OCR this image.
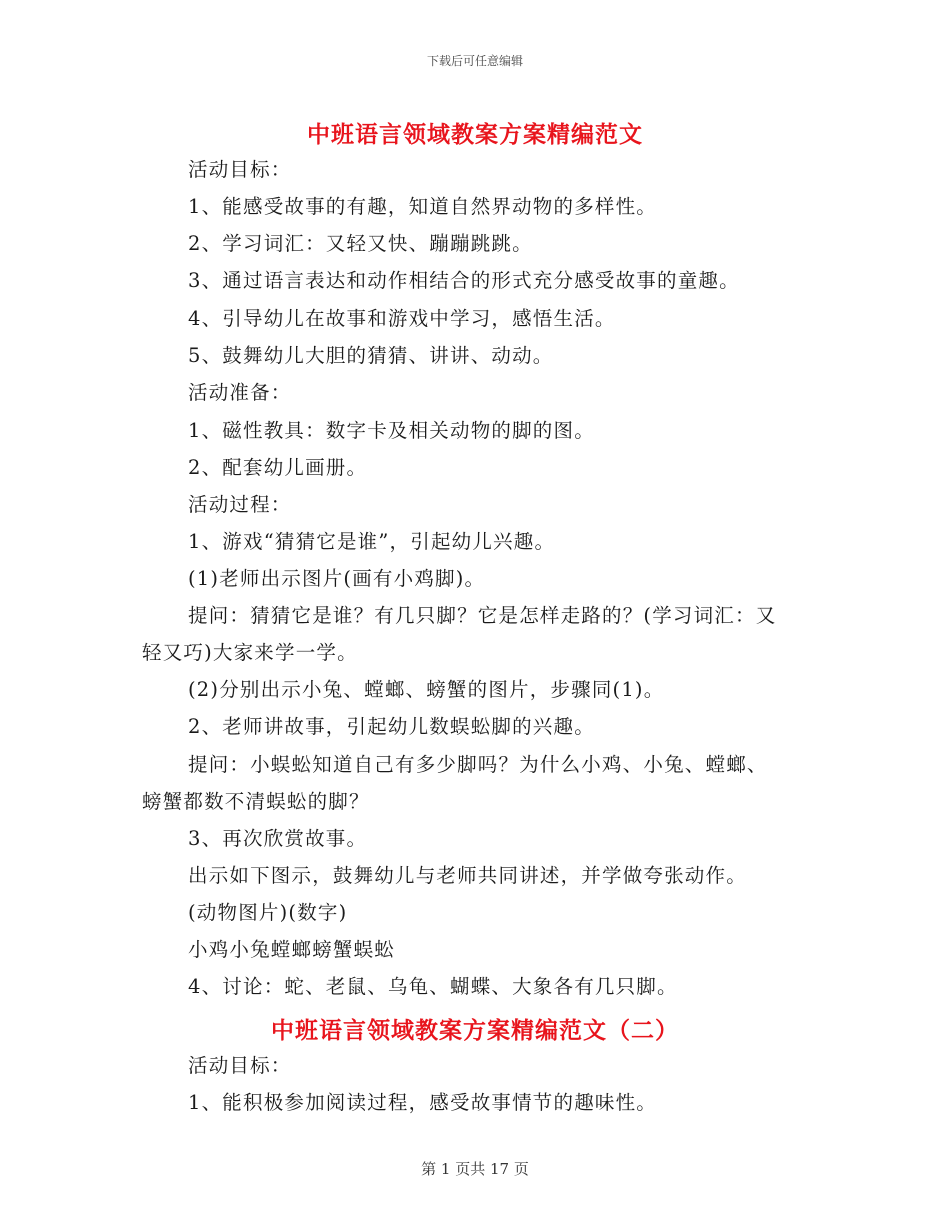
下载后可任意编辑
中班语言领域教案方案精编范文
活动目标：
1、能感受故事的有趣，知道自然界动物的多样性。
2、学习词汇：又轻又快、蹦蹦跳跳。
3、通过语言表达和动作相结合的形式充分感受故事的童趣。
4、引导幼儿在故事和游戏中学习，感悟生活。
5、鼓舞幼儿大胆的猜猜、讲讲、动动。
活动准备：
1、磁性教具：数字卡及相关动物的脚的图。
2、配套幼儿画册。
活动过程：
1、游戏“猜猜它是谁”，引起幼儿兴趣。
(1)老师出示图片(画有小鸡脚)。
提问：猜猜它是谁？有几只脚？它是怎样走路的？(学习词汇：又
轻又巧)大家来学一学。
(2)分别出示小兔、螳螂、螃蟹的图片，步骤同(1)。
2、老师讲故事，引起幼儿数蜈蚣脚的兴趣。
提问：小蜈蚣知道自己有多少脚吗？为什么小鸡、小兔、螳螂、
螃蟹都数不清蜈蚣的脚？
3、再次欣赏故事。
出示如下图示，鼓舞幼儿与老师共同讲述，并学做夸张动作。
(动物图片)(数字)
小鸡小兔螳螂螃蟹蜈蚣
4、讨论：蛇、老鼠、乌龟、蝴蝶、大象各有几只脚。
中班语言领域教案方案精编范文（二）
活动目标：
1、能积极参加阅读过程，感受故事情节的趣味性。
第 1 页共 17 页
